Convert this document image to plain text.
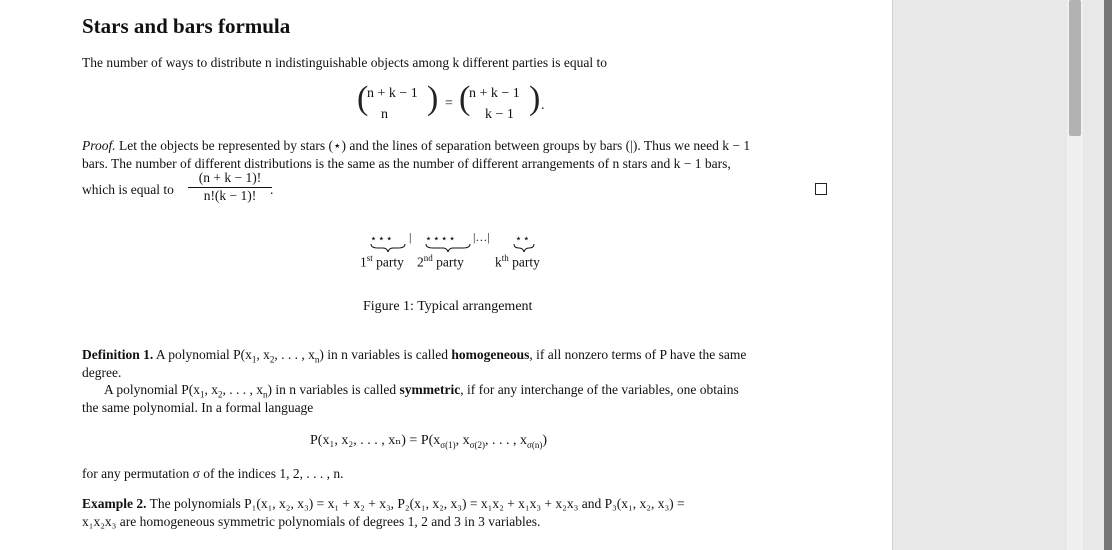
Stars and bars formula
The number of ways to distribute n indistinguishable objects among k different parties is equal to
(
n + k − 1
n ) = (
n + k − 1
k − 1 ) .
Proof. Let the objects be represented by stars (⋆) and the lines of separation between groups by bars (|). Thus we need k − 1
bars. The number of different distributions is the same as the number of different arrangements of n stars and k − 1 bars,
which is equal to
(n + k − 1)!
n!(k − 1)!	.
⋆⋆⋆ | ⋆⋆⋆⋆ |…| ⋆⋆
1st party 2nd party $k^{th}$ party
Figure 1: Typical arrangement
Definition 1. A polynomial $P(x_1$, $x_2$, . . . , $x_n$) in n variables is called homogeneous, if all nonzero terms of P have the same
degree.
A polynomial $P(x_1$, $x_2$, . . . , $x_n$) in n variables is called symmetric, if for any interchange of the variables, one obtains
the same polynomial. In a formal language
P(x₁, x₂, . . . , $x_n) = P(x_{\sigma(1)}$, $x_{\sigma(2)}$, . . . , $x_{\sigma(n)}$)
for any permutation σ of the indices 1, 2, . . . , n.
Example 2. The polynomials P₁(x₁, x₂, x₃) = x₁ + x₂ + x₃, P₂(x₁, x₂, x₃) = x₁x₂ + x₁x₃ + x₂x₃ and P₃(x₁, x₂, x₃) =
x₁x₂x₃ are homogeneous symmetric polynomials of degrees 1, 2 and 3 in 3 variables.
